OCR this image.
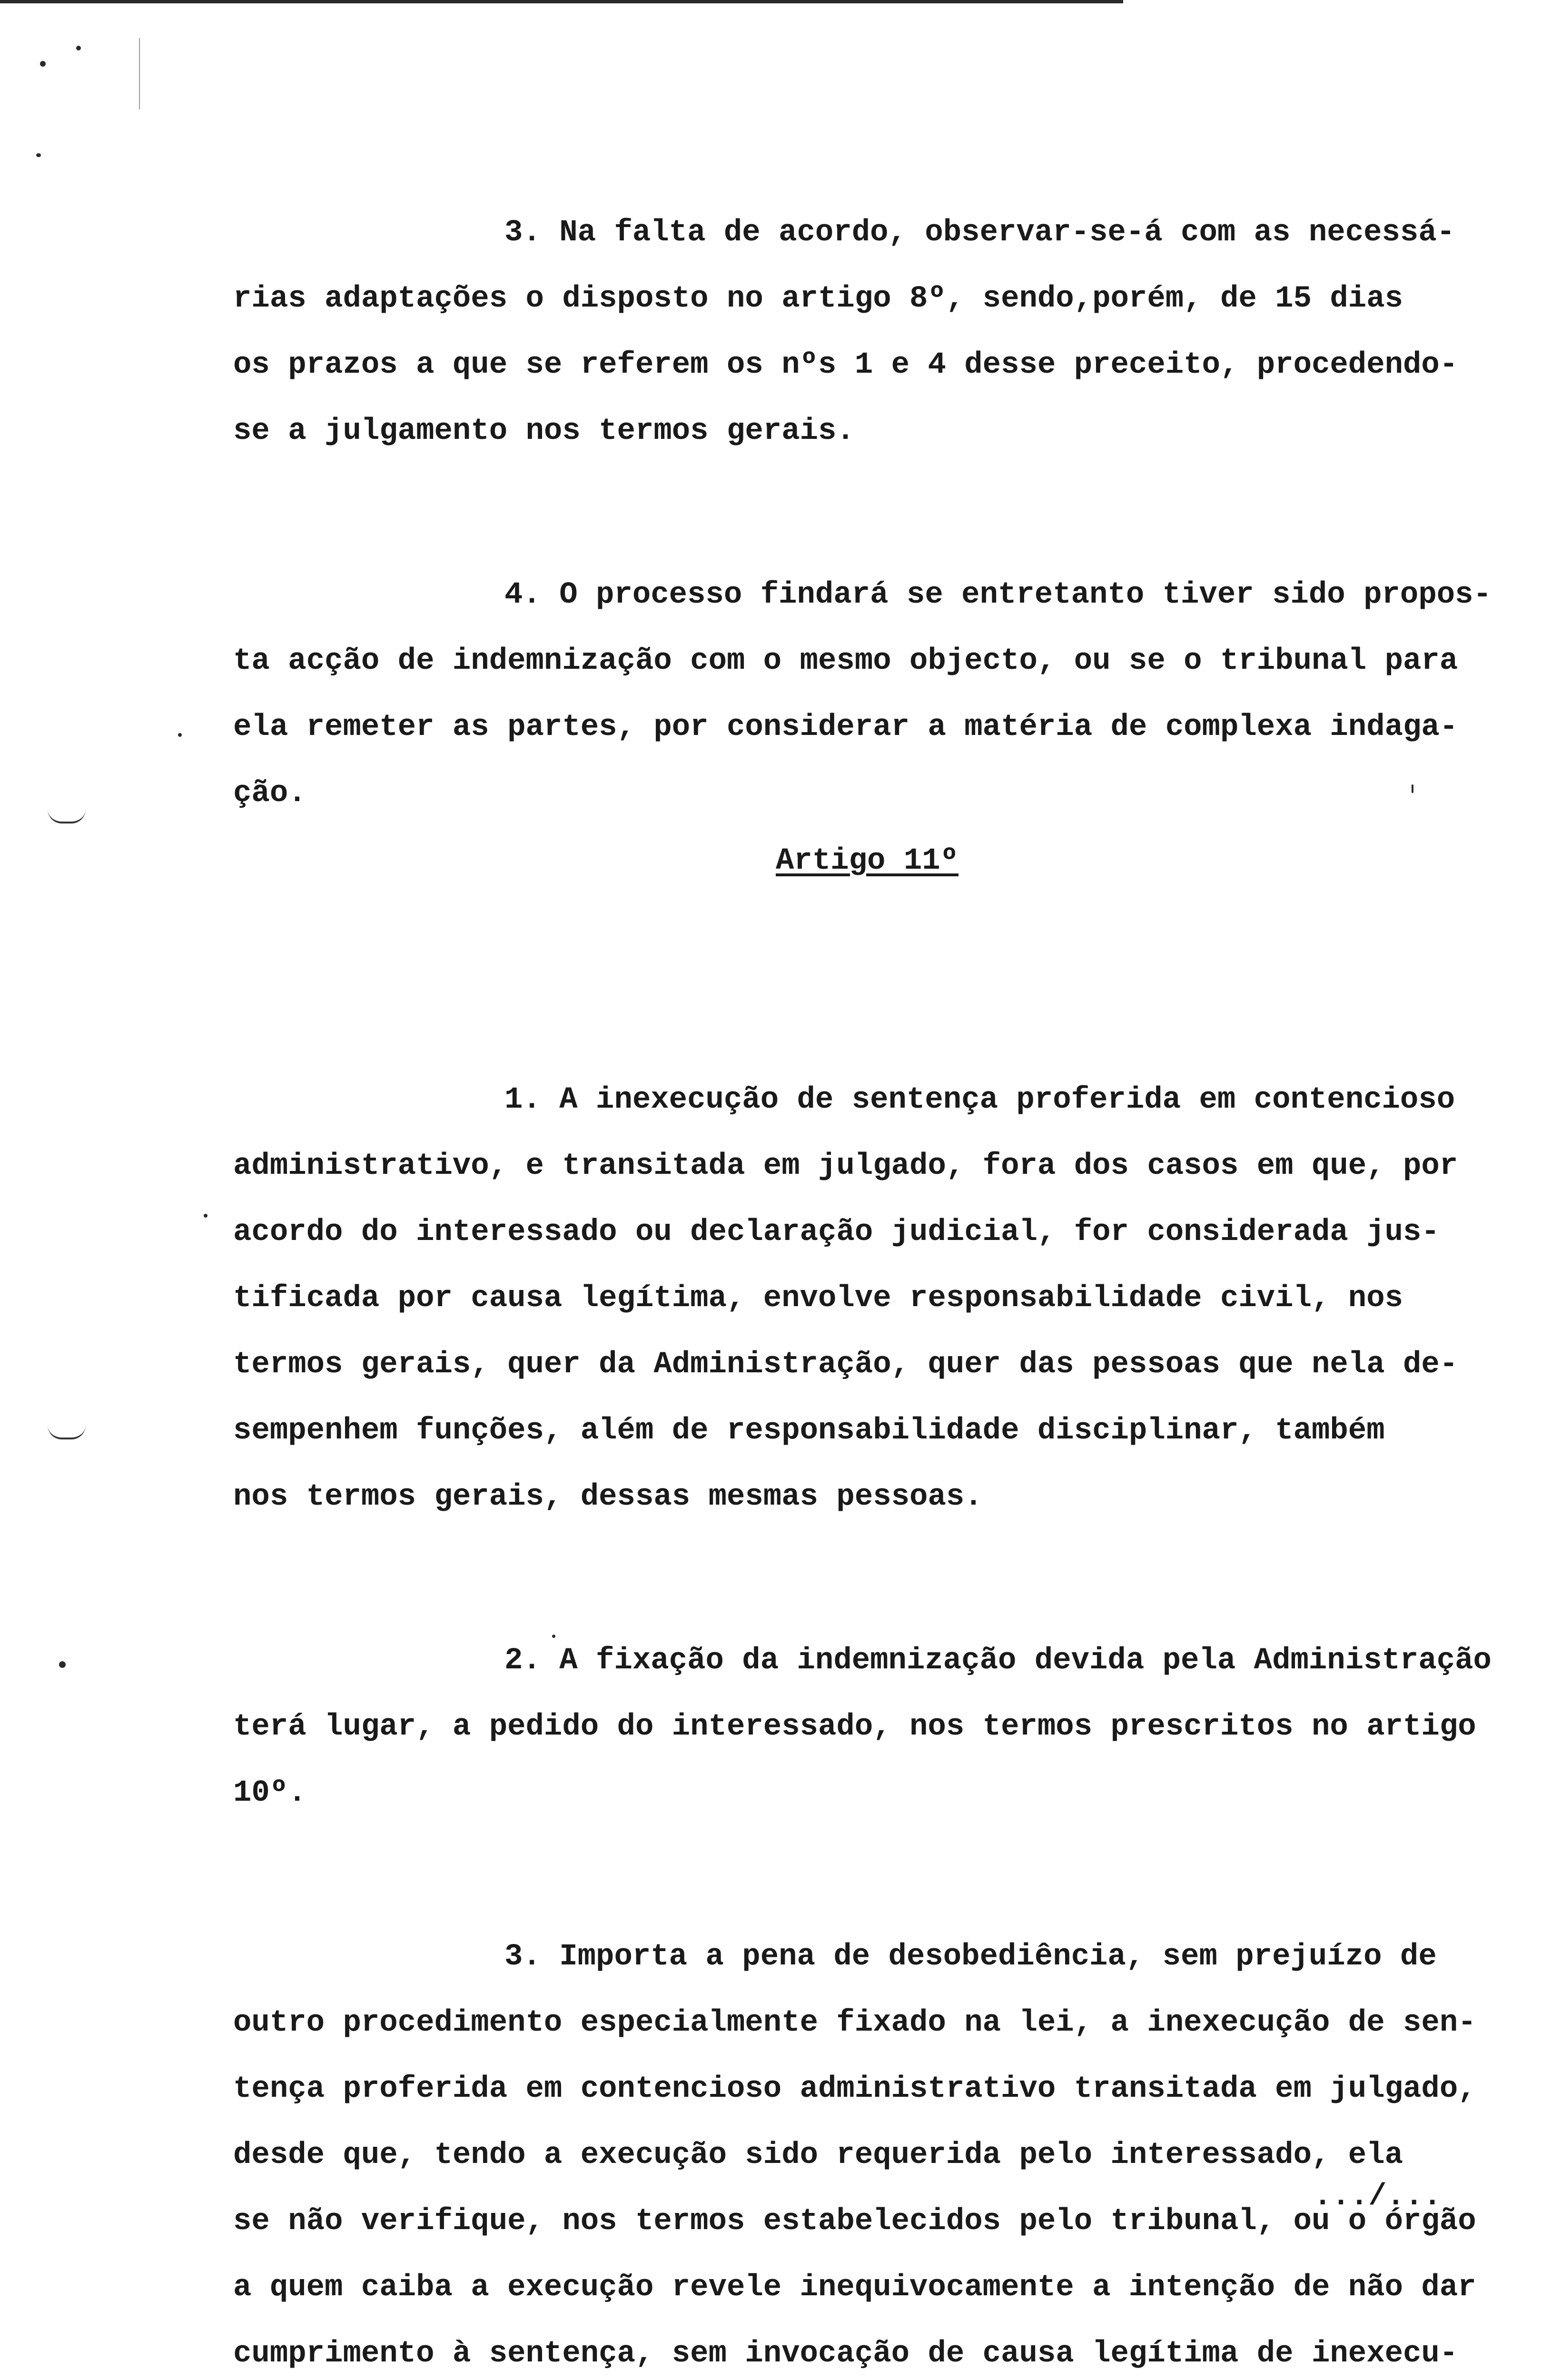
3. Na falta de acordo, observar-se-á com as necessá-
rias adaptações o disposto no artigo 8º, sendo,porém, de 15 dias
os prazos a que se referem os nºs 1 e 4 desse preceito, procedendo-
se a julgamento nos termos gerais.
4. O processo findará se entretanto tiver sido propos-
ta acção de indemnização com o mesmo objecto, ou se o tribunal para
ela remeter as partes, por considerar a matéria de complexa indaga-
ção.
1. A inexecução de sentença proferida em contencioso
administrativo, e transitada em julgado, fora dos casos em que, por
acordo do interessado ou declaração judicial, for considerada jus-
tificada por causa legítima, envolve responsabilidade civil, nos
termos gerais, quer da Administração, quer das pessoas que nela de-
sempenhem funções, além de responsabilidade disciplinar, também
nos termos gerais, dessas mesmas pessoas.
2. A fixação da indemnização devida pela Administração
terá lugar, a pedido do interessado, nos termos prescritos no artigo
10º.
3. Importa a pena de desobediência, sem prejuízo de
outro procedimento especialmente fixado na lei, a inexecução de sen-
tença proferida em contencioso administrativo transitada em julgado,
desde que, tendo a execução sido requerida pelo interessado, ela
se não verifique, nos termos estabelecidos pelo tribunal, ou o órgão
a quem caiba a execução revele inequivocamente a intenção de não dar
cumprimento à sentença, sem invocação de causa legítima de inexecu-
Artigo 11º
.../...
